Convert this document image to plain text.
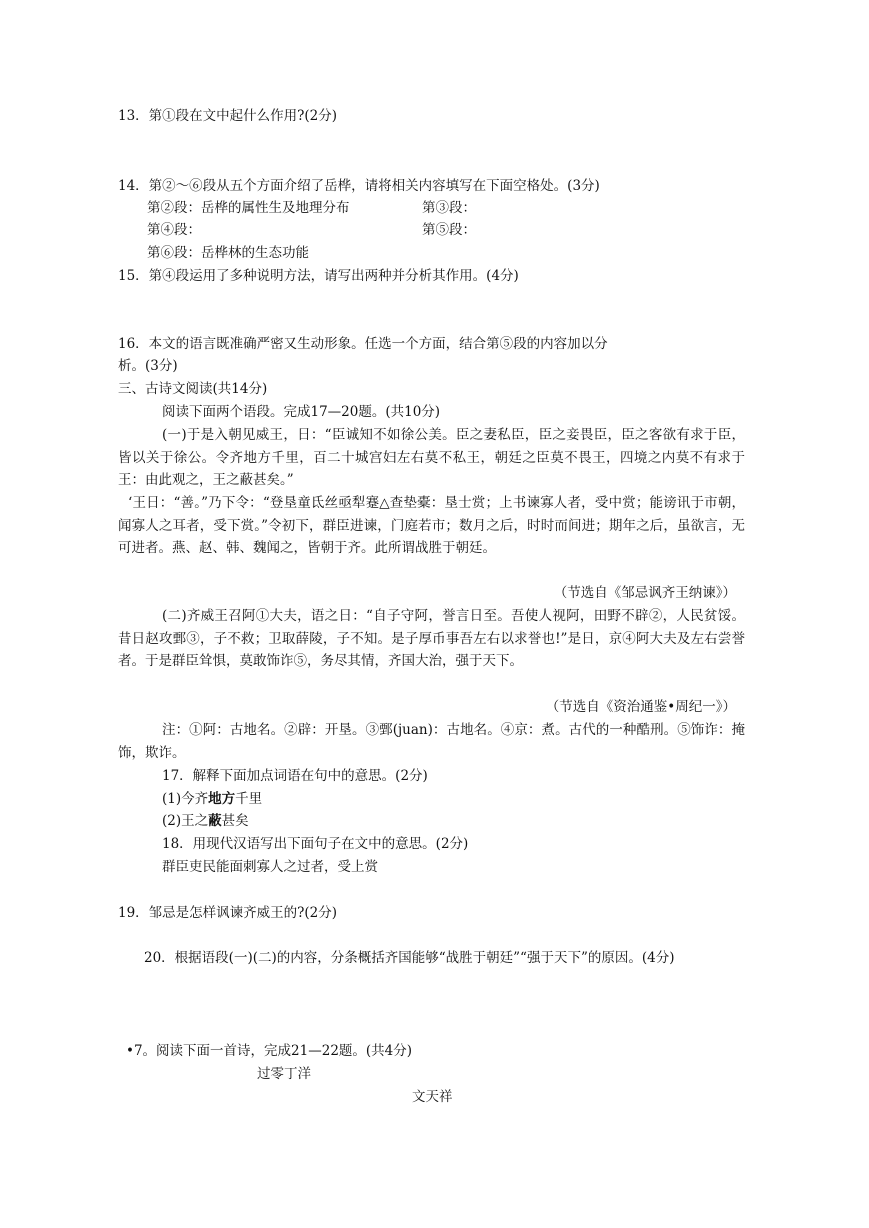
13．第①段在文中起什么作用?(2分)
14．第②～⑥段从五个方面介绍了岳桦，请将相关内容填写在下面空格处。(3分)
第②段：岳桦的属性生及地理分布	第③段：
第④段：	第⑤段：
第⑥段：岳桦林的生态功能
15．第④段运用了多种说明方法，请写出两种并分析其作用。(4分)
16．本文的语言既准确严密又生动形象。任选一个方面，结合第⑤段的内容加以分
析。(3分)
三、古诗文阅读(共14分)
阅读下面两个语段。完成17—20题。(共10分)
(一)于是入朝见威王，日：“臣诚知不如徐公美。臣之妻私臣，臣之妾畏臣，臣之客欲有求于臣，皆以关于徐公。令齐地方千里，百二十城宫妇左右莫不私王，朝廷之臣莫不畏王，四境之内莫不有求于王：由此观之，王之蔽甚矣。”
‘王日：“善。”乃下令：“登垦童氐丝亟犁蹇△查垫橐：垦士赏；上书谏寡人者，受中赏；能谤讯于市朝，闻寡人之耳者，受下赏。”令初下，群臣进谏，门庭若市；数月之后，时时而间进；期年之后，虽欲言，无可进者。燕、赵、韩、魏闻之，皆朝于齐。此所谓战胜于朝廷。
（节选自《邹忌讽齐王纳谏》）
(二)齐威王召阿①大夫，语之日：“自子守阿，誉言日至。吾使人视阿，田野不辟②，人民贫馁。昔日赵攻鄄③，子不救；卫取薛陵，子不知。是子厚币事吾左右以求誉也!”是日，京④阿大夫及左右尝誉者。于是群臣耸惧，莫敢饰诈⑤，务尽其情，齐国大治，强于天下。
（节选自《资治通鉴•周纪一》）
注：①阿：古地名。②辟：开垦。③鄄(juan)：古地名。④京：煮。古代的一种酷刑。⑤饰诈：掩饰，欺诈。
17．解释下面加点词语在句中的意思。(2分)
(1)今齐地方千里
(2)王之蔽甚矣
18．用现代汉语写出下面句子在文中的意思。(2分)
群臣吏民能面刺寡人之过者，受上赏
19．邹忌是怎样讽谏齐威王的?(2分)
20．根据语段(一)(二)的内容，分条概括齐国能够“战胜于朝廷”“强于天下”的原因。(4分)
•7。阅读下面一首诗，完成21—22题。(共4分)
过零丁洋
文天祥
